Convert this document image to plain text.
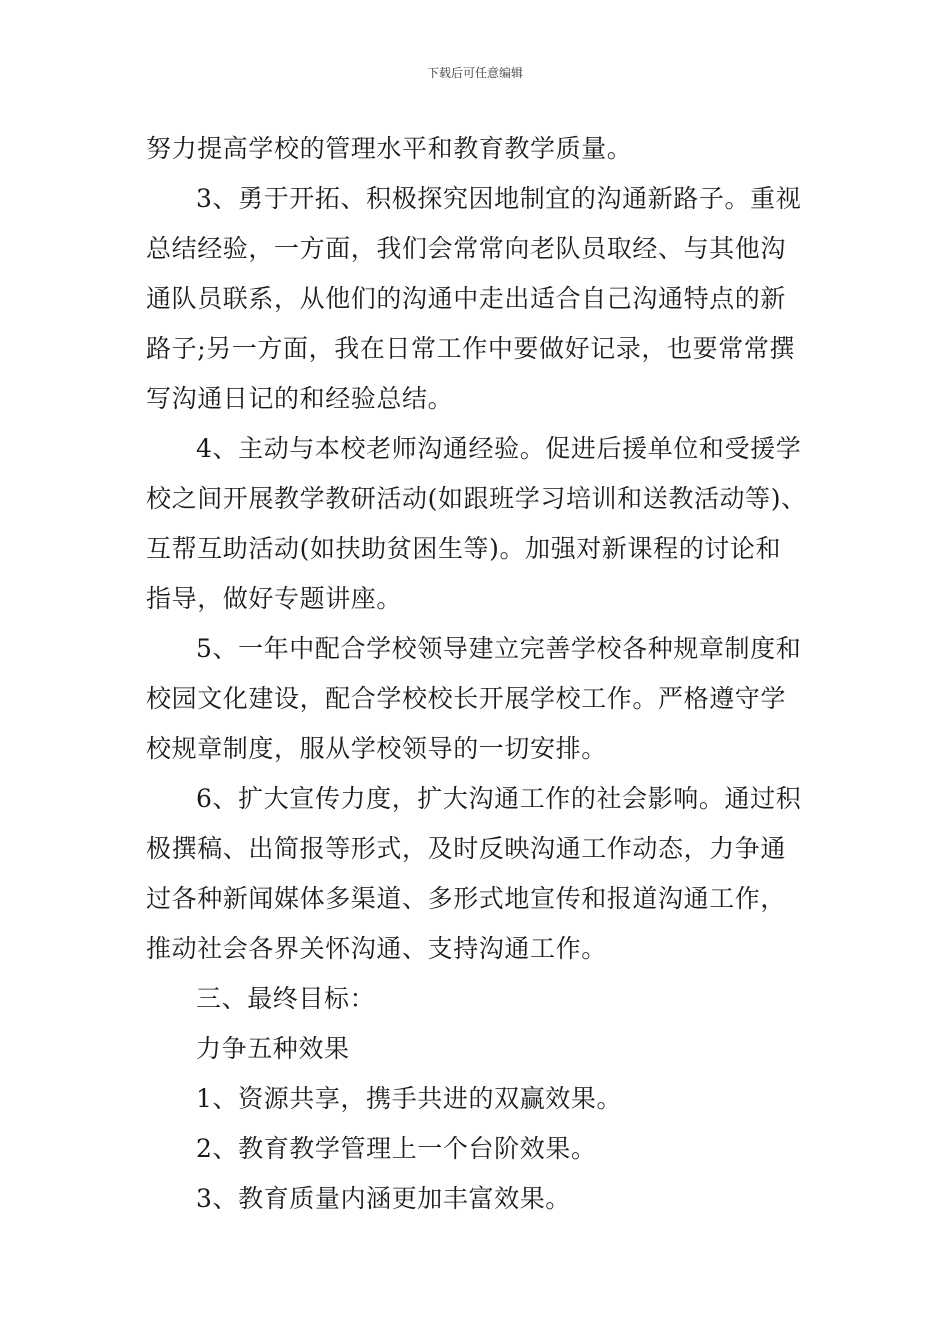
下载后可任意编辑
努力提高学校的管理水平和教育教学质量。
3、勇于开拓、积极探究因地制宜的沟通新路子。重视
总结经验，一方面，我们会常常向老队员取经、与其他沟
通队员联系，从他们的沟通中走出适合自己沟通特点的新
路子;另一方面，我在日常工作中要做好记录，也要常常撰
写沟通日记的和经验总结。
4、主动与本校老师沟通经验。促进后援单位和受援学
校之间开展教学教研活动(如跟班学习培训和送教活动等)、
互帮互助活动(如扶助贫困生等)。加强对新课程的讨论和
指导，做好专题讲座。
5、一年中配合学校领导建立完善学校各种规章制度和
校园文化建设，配合学校校长开展学校工作。严格遵守学
校规章制度，服从学校领导的一切安排。
6、扩大宣传力度，扩大沟通工作的社会影响。通过积
极撰稿、出简报等形式，及时反映沟通工作动态，力争通
过各种新闻媒体多渠道、多形式地宣传和报道沟通工作，
推动社会各界关怀沟通、支持沟通工作。
三、最终目标：
力争五种效果
1、资源共享，携手共进的双赢效果。
2、教育教学管理上一个台阶效果。
3、教育质量内涵更加丰富效果。
